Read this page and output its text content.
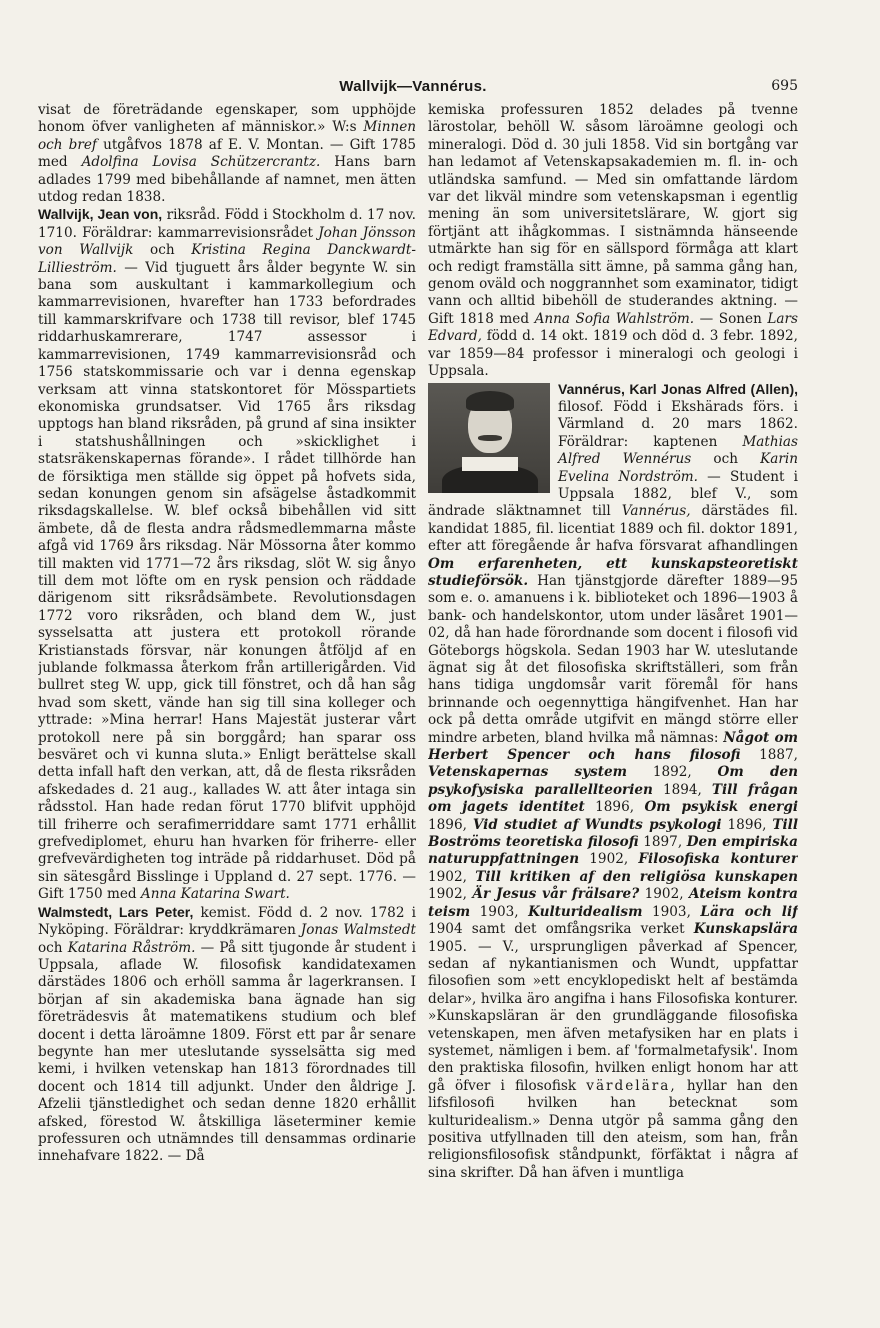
Wallvijk—Vannérus.	695

visat de företrädande egenskaper, som upphöjde honom öfver vanligheten af människor.» W:s Minnen och bref utgåfvos 1878 af E. V. Montan. — Gift 1785 med Adolfina Lovisa Schützercrantz. Hans barn adlades 1799 med bibehållande af namnet, men ätten utdog redan 1838.

Wallvijk, Jean von, riksråd. Född i Stockholm d. 17 nov. 1710. Föräldrar: kammarrevisionsrådet Johan Jönsson von Wallvijk och Kristina Regina Danckwardt-Lillieström. — Vid tjuguett års ålder begynte W. sin bana som auskultant i kammarkollegium och kammarrevisionen, hvarefter han 1733 befordrades till kammarskrifvare och 1738 till revisor, blef 1745 riddarhuskamrerare, 1747 assessor i kammarrevisionen, 1749 kammarrevisionsråd och 1756 statskommissarie och var i denna egenskap verksam att vinna statskontoret för Mösspartiets ekonomiska grundsatser. Vid 1765 års riksdag upptogs han bland riksråden, på grund af sina insikter i statshushållningen och »skicklighet i statsräkenskapernas förande». I rådet tillhörde han de försiktiga men ställde sig öppet på hofvets sida, sedan konungen genom sin afsägelse åstadkommit riksdagskallelse. W. blef också bibehållen vid sitt ämbete, då de flesta andra rådsmedlemmarna måste afgå vid 1769 års riksdag. När Mössorna åter kommo till makten vid 1771—72 års riksdag, slöt W. sig ånyo till dem mot löfte om en rysk pension och räddade därigenom sitt riksrådsämbete. Revolutionsdagen 1772 voro riksråden, och bland dem W., just sysselsatta att justera ett protokoll rörande Kristianstads försvar, när konungen åtföljd af en jublande folkmassa återkom från artillerigården. Vid bullret steg W. upp, gick till fönstret, och då han såg hvad som skett, vände han sig till sina kolleger och yttrade: »Mina herrar! Hans Majestät justerar vårt protokoll nere på sin borggård; han sparar oss besväret och vi kunna sluta.» Enligt berättelse skall detta infall haft den verkan, att, då de flesta riksråden afskedades d. 21 aug., kallades W. att åter intaga sin rådsstol. Han hade redan förut 1770 blifvit upphöjd till friherre och serafimerriddare samt 1771 erhållit grefvediplomet, ehuru han hvarken för friherre- eller grefvevärdigheten tog inträde på riddarhuset. Död på sin sätesgård Bisslinge i Uppland d. 27 sept. 1776. — Gift 1750 med Anna Katarina Swart.

Walmstedt, Lars Peter, kemist. Född d. 2 nov. 1782 i Nyköping. Föräldrar: kryddkrämaren Jonas Walmstedt och Katarina Råström. — På sitt tjugonde år student i Uppsala, aflade W. filosofisk kandidatexamen därstädes 1806 och erhöll samma år lagerkransen. I början af sin akademiska bana ägnade han sig företrädesvis åt matematikens studium och blef docent i detta läroämne 1809. Först ett par år senare begynte han mer uteslutande sysselsätta sig med kemi, i hvilken vetenskap han 1813 förordnades till docent och 1814 till adjunkt. Under den åldrige J. Afzelii tjänstledighet och sedan denne 1820 erhållit afsked, förestod W. åtskilliga läseterminer kemie professuren och utnämndes till densammas ordinarie innehafvare 1822. — Då

kemiska professuren 1852 delades på tvenne lärostolar, behöll W. såsom läroämne geologi och mineralogi. Död d. 30 juli 1858. Vid sin bortgång var han ledamot af Vetenskapsakademien m. fl. in- och utländska samfund. — Med sin omfattande lärdom var det likväl mindre som vetenskapsman i egentlig mening än som universitetslärare, W. gjort sig förtjänt att ihågkommas. I sistnämnda hänseende utmärkte han sig för en sällspord förmåga att klart och redigt framställa sitt ämne, på samma gång han, genom oväld och noggrannhet som examinator, tidigt vann och alltid bibehöll de studerandes aktning. — Gift 1818 med Anna Sofia Wahlström. — Sonen Lars Edvard, född d. 14 okt. 1819 och död d. 3 febr. 1892, var 1859—84 professor i mineralogi och geologi i Uppsala.

Vannérus, Karl Jonas Alfred (Allen), filosof. Född i Ekshärads förs. i Värmland d. 20 mars 1862. Föräldrar: kaptenen Mathias Alfred Wennérus och Karin Evelina Nordström. — Student i Uppsala 1882, blef V., som ändrade släktnamnet till Vannérus, därstädes fil. kandidat 1885, fil. licentiat 1889 och fil. doktor 1891, efter att föregående år hafva försvarat afhandlingen Om erfarenheten, ett kunskapsteoretiskt studieförsök. Han tjänstgjorde därefter 1889—95 som e. o. amanuens i k. biblioteket och 1896—1903 å bank- och handelskontor, utom under läsåret 1901—02, då han hade förordnande som docent i filosofi vid Göteborgs högskola. Sedan 1903 har W. uteslutande ägnat sig åt det filosofiska skriftställeri, som från hans tidiga ungdomsår varit föremål för hans brinnande och oegennyttiga hängifvenhet. Han har ock på detta område utgifvit en mängd större eller mindre arbeten, bland hvilka må nämnas: Något om Herbert Spencer och hans filosofi 1887, Vetenskapernas system 1892, Om den psykofysiska parallellteorien 1894, Till frågan om jagets identitet 1896, Om psykisk energi 1896, Vid studiet af Wundts psykologi 1896, Till Boströms teoretiska filosofi 1897, Den empiriska naturuppfattningen 1902, Filosofiska konturer 1902, Till kritiken af den religiösa kunskapen 1902, Är Jesus vår frälsare? 1902, Ateism kontra teism 1903, Kulturidealism 1903, Lära och lif 1904 samt det omfångsrika verket Kunskapslära 1905. — V., ursprungligen påverkad af Spencer, sedan af nykantianismen och Wundt, uppfattar filosofien som »ett encyklopediskt helt af bestämda delar», hvilka äro angifna i hans Filosofiska konturer. »Kunskapsläran är den grundläggande filosofiska vetenskapen, men äfven metafysiken har en plats i systemet, nämligen i bem. af 'formalmetafysik'. Inom den praktiska filosofin, hvilken enligt honom har att gå öfver i filosofisk värdelära, hyllar han den lifsfilosofi hvilken han betecknat som kulturidealism.» Denna utgör på samma gång den positiva utfyllnaden till den ateism, som han, från religionsfilosofisk ståndpunkt, förfäktat i några af sina skrifter. Då han äfven i muntliga
